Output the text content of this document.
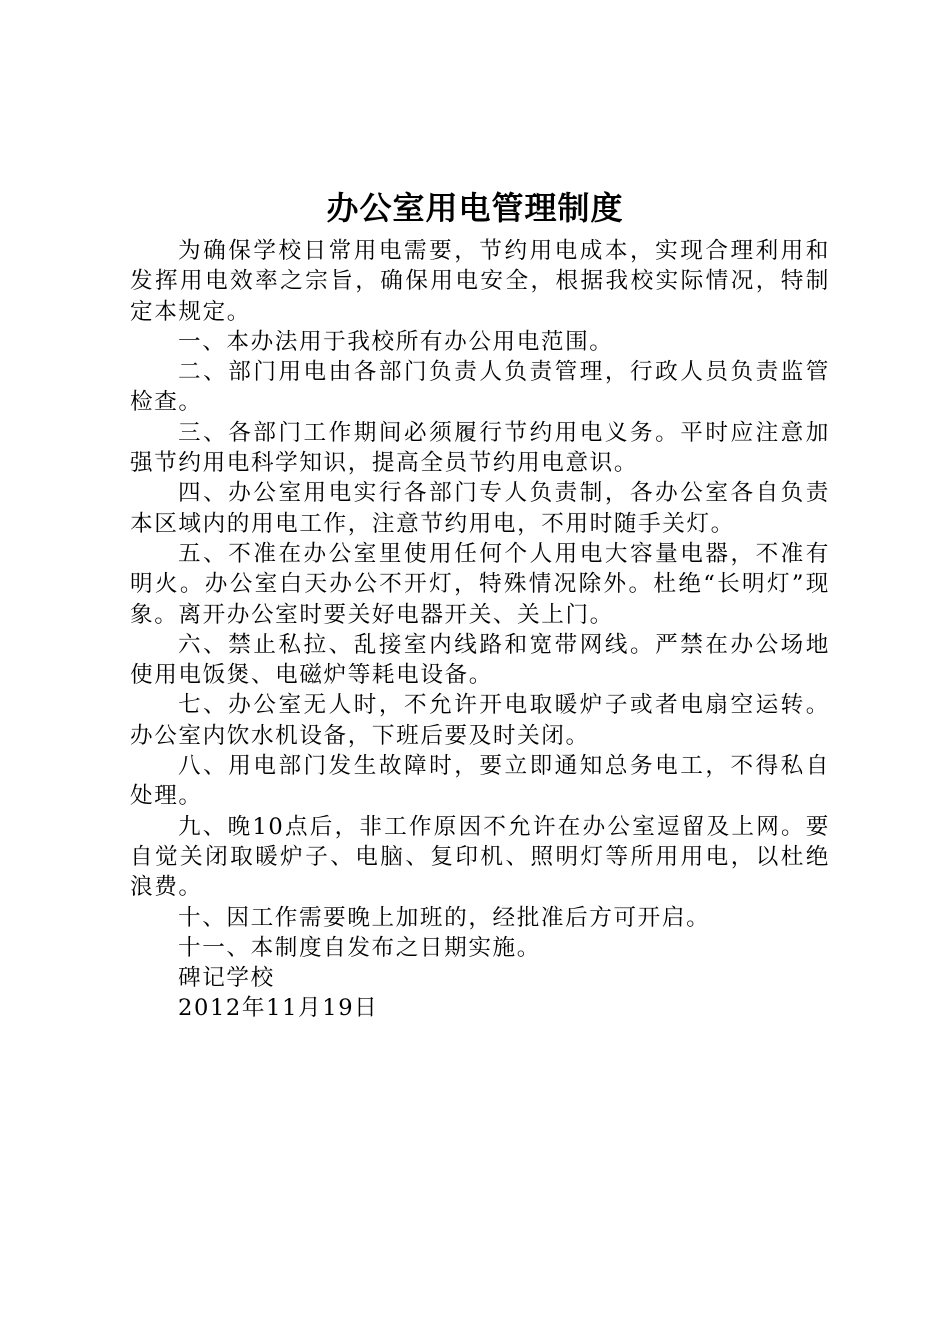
办公室用电管理制度

为确保学校日常用电需要，节约用电成本，实现合理利用和发挥用电效率之宗旨，确保用电安全，根据我校实际情况，特制定本规定。

一、本办法用于我校所有办公用电范围。

二、部门用电由各部门负责人负责管理，行政人员负责监管检查。

三、各部门工作期间必须履行节约用电义务。平时应注意加强节约用电科学知识，提高全员节约用电意识。

四、办公室用电实行各部门专人负责制，各办公室各自负责本区域内的用电工作，注意节约用电，不用时随手关灯。

五、不准在办公室里使用任何个人用电大容量电器，不准有明火。办公室白天办公不开灯，特殊情况除外。杜绝“长明灯”现象。离开办公室时要关好电器开关、关上门。

六、禁止私拉、乱接室内线路和宽带网线。严禁在办公场地使用电饭煲、电磁炉等耗电设备。

七、办公室无人时，不允许开电取暖炉子或者电扇空运转。办公室内饮水机设备，下班后要及时关闭。

八、用电部门发生故障时，要立即通知总务电工，不得私自处理。

九、晚10点后，非工作原因不允许在办公室逗留及上网。要自觉关闭取暖炉子、电脑、复印机、照明灯等所用用电，以杜绝浪费。

十、因工作需要晚上加班的，经批准后方可开启。

十一、本制度自发布之日期实施。

碑记学校

2012年11月19日
